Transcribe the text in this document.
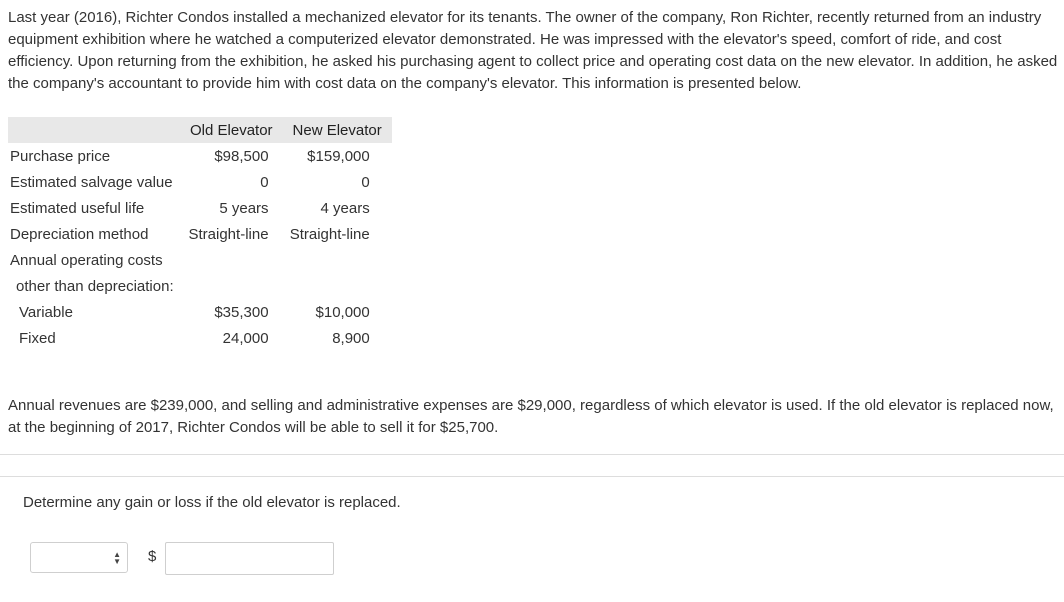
Last year (2016), Richter Condos installed a mechanized elevator for its tenants. The owner of the company, Ron Richter, recently returned from an industry equipment exhibition where he watched a computerized elevator demonstrated. He was impressed with the elevator's speed, comfort of ride, and cost efficiency. Upon returning from the exhibition, he asked his purchasing agent to collect price and operating cost data on the new elevator. In addition, he asked the company's accountant to provide him with cost data on the company's elevator. This information is presented below.

	Old Elevator	New Elevator
Purchase price	$98,500	$159,000
Estimated salvage value	0	0
Estimated useful life	5 years	4 years
Depreciation method	Straight-line	Straight-line
Annual operating costs		
other than depreciation:		
Variable	$35,300	$10,000
Fixed	24,000	8,900

Annual revenues are $239,000, and selling and administrative expenses are $29,000, regardless of which elevator is used. If the old elevator is replaced now, at the beginning of 2017, Richter Condos will be able to sell it for $25,700.

Determine any gain or loss if the old elevator is replaced.

▲
▼ $
